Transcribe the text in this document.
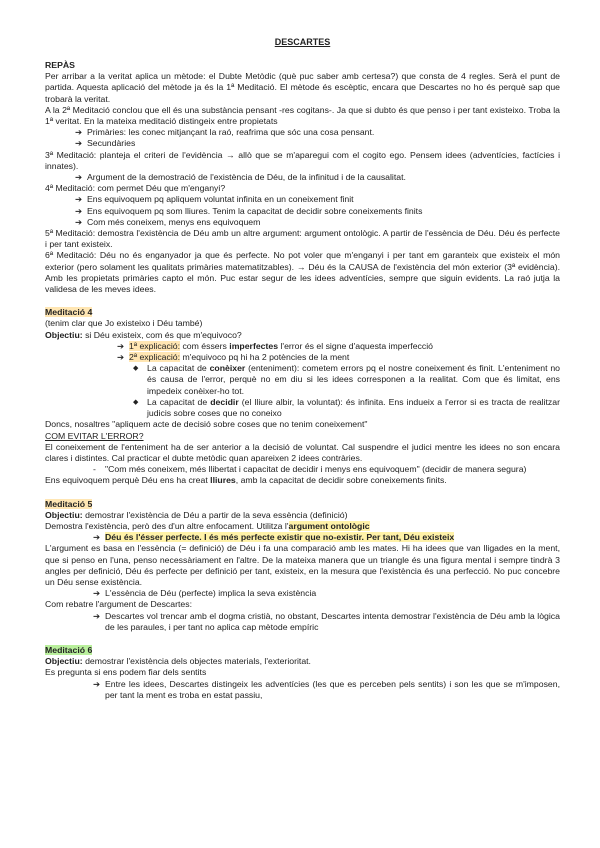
DESCARTES

REPÀS

Per arribar a la veritat aplica un mètode: el Dubte Metòdic (què puc saber amb certesa?) que consta de 4 regles. Serà el punt de partida. Aquesta aplicació del mètode ja és la 1ª Meditació. El mètode és escèptic, encara que Descartes no ho és perquè sap que trobarà la veritat.

A la 2ª Meditació conclou que ell és una substància pensant -res cogitans-. Ja que si dubto és que penso i per tant existeixo. Troba la 1ª veritat. En la mateixa meditació distingeix entre propietats

➔ Primàries: les conec mitjançant la raó, reafrima que sóc una cosa pensant.
➔ Secundàries

3ª Meditació: planteja el criteri de l'evidència → allò que se m'aparegui com el cogito ego. Pensem idees (adventícies, factícies i innates).

➔ Argument de la demostració de l'existència de Déu, de la infinitud i de la causalitat.

4ª Meditació: com permet Déu que m'enganyi?

➔ Ens equivoquem pq apliquem voluntat infinita en un coneixement finit
➔ Ens equivoquem pq som lliures. Tenim la capacitat de decidir sobre coneixements finits
➔ Com més coneixem, menys ens equivoquem

5ª Meditació: demostra l'existència de Déu amb un altre argument: argument ontològic. A partir de l'essència de Déu. Déu és perfecte i per tant existeix.

6ª Meditació: Déu no és enganyador ja que és perfecte. No pot voler que m'enganyi i per tant em garanteix que existeix el món exterior (pero solament les qualitats primàries matematitzables). → Déu és la CAUSA de l'existència del món exterior (3ª evidència). Amb les propietats primàries capto el món. Puc estar segur de les idees adventícies, sempre que siguin evidents. La raó jutja la validesa de les meves idees.

Meditació 4

(tenim clar que Jo existeixo i Déu també)

Objectiu: si Déu existeix, com és que m'equivoco?

➔ 1ª explicació: com éssers imperfectes l'error és el signe d'aquesta imperfecció
➔ 2ª explicació: m'equivoco pq hi ha 2 potències de la ment
◆ La capacitat de conèixer (enteniment): cometem errors pq el nostre coneixement és finit. L'enteniment no és causa de l'error, perquè no em diu si les idees corresponen a la realitat. Com que és limitat, ens impedeix conèixer-ho tot.
◆ La capacitat de decidir (el lliure albir, la voluntat): és infinita. Ens indueix a l'error si es tracta de realitzar judicis sobre coses que no coneixo

Doncs, nosaltres "apliquem acte de decisió sobre coses que no tenim coneixement"

COM EVITAR L'ERROR?

El coneixement de l'enteniment ha de ser anterior a la decisió de voluntat. Cal suspendre el judici mentre les idees no son encara clares i distintes. Cal practicar el dubte metòdic quan apareixen 2 idees contràries.

-	"Com més coneixem, més llibertat i capacitat de decidir i menys ens equivoquem" (decidir de manera segura)

Ens equivoquem perquè Déu ens ha creat lliures, amb la capacitat de decidir sobre coneixements finits.

Meditació 5

Objectiu: demostrar l'existència de Déu a partir de la seva essència (definició)

Demostra l'existència, però des d'un altre enfocament. Utilitza l'argument ontològic

➔ Déu és l'ésser perfecte. I és més perfecte existir que no-existir. Per tant, Déu existeix

L'argument es basa en l'essència (= definició) de Déu i fa una comparació amb les mates. Hi ha idees que van lligades en la ment, que si penso en l'una, penso necessàriament en l'altre. De la mateixa manera que un triangle és una figura mental i sempre tindrà 3 angles per definició, Déu és perfecte per definició per tant, existeix, en la mesura que l'existència és una perfecció. No puc concebre un Déu sense existència.

➔ L'essència de Déu (perfecte) implica la seva existència

Com rebatre l'argument de Descartes:

➔ Descartes vol trencar amb el dogma cristià, no obstant, Descartes intenta demostrar l'existència de Déu amb la lògica de les paraules, i per tant no aplica cap mètode empíric

Meditació 6

Objectiu: demostrar l'existència dels objectes materials, l'exterioritat.

Es pregunta si ens podem fiar dels sentits

➔ Entre les idees, Descartes distingeix les adventícies (les que es perceben pels sentits) i son les que se m'imposen, per tant la ment es troba en estat passiu,
